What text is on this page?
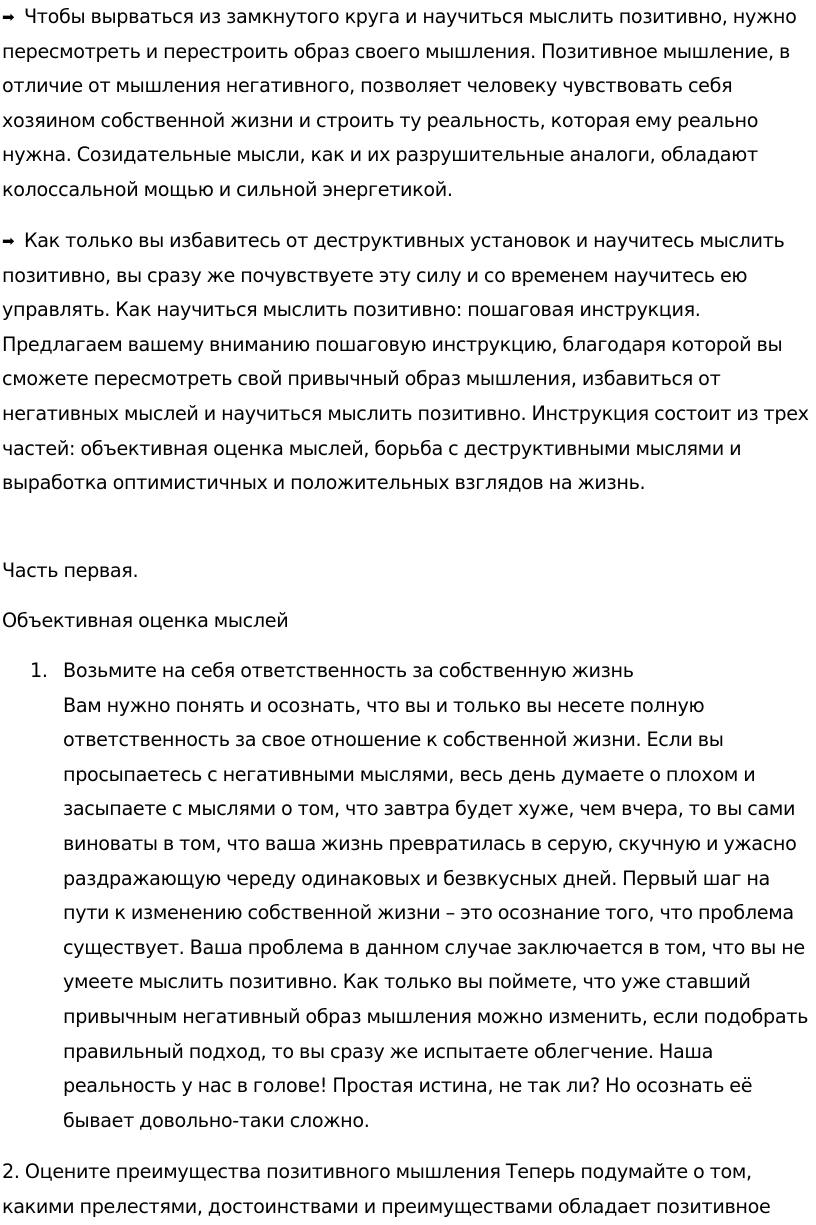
➡ Чтобы вырваться из замкнутого круга и научиться мыслить позитивно, нужно пересмотреть и перестроить образ своего мышления. Позитивное мышление, в отличие от мышления негативного, позволяет человеку чувствовать себя хозяином собственной жизни и строить ту реальность, которая ему реально нужна. Созидательные мысли, как и их разрушительные аналоги, обладают колоссальной мощью и сильной энергетикой.

➡ Как только вы избавитесь от деструктивных установок и научитесь мыслить позитивно, вы сразу же почувствуете эту силу и со временем научитесь ею управлять. Как научиться мыслить позитивно: пошаговая инструкция. Предлагаем вашему вниманию пошаговую инструкцию, благодаря которой вы сможете пересмотреть свой привычный образ мышления, избавиться от негативных мыслей и научиться мыслить позитивно. Инструкция состоит из трех частей: объективная оценка мыслей, борьба с деструктивными мыслями и выработка оптимистичных и положительных взглядов на жизнь.

Часть первая.

Объективная оценка мыслей

1. Возьмите на себя ответственность за собственную жизнь
Вам нужно понять и осознать, что вы и только вы несете полную ответственность за свое отношение к собственной жизни. Если вы просыпаетесь с негативными мыслями, весь день думаете о плохом и засыпаете с мыслями о том, что завтра будет хуже, чем вчера, то вы сами виноваты в том, что ваша жизнь превратилась в серую, скучную и ужасно раздражающую череду одинаковых и безвкусных дней. Первый шаг на пути к изменению собственной жизни – это осознание того, что проблема существует. Ваша проблема в данном случае заключается в том, что вы не умеете мыслить позитивно. Как только вы поймете, что уже ставший привычным негативный образ мышления можно изменить, если подобрать правильный подход, то вы сразу же испытаете облегчение. Наша реальность у нас в голове! Простая истина, не так ли? Но осознать её бывает довольно-таки сложно.

2. Оцените преимущества позитивного мышления Теперь подумайте о том, какими прелестями, достоинствами и преимуществами обладает позитивное
